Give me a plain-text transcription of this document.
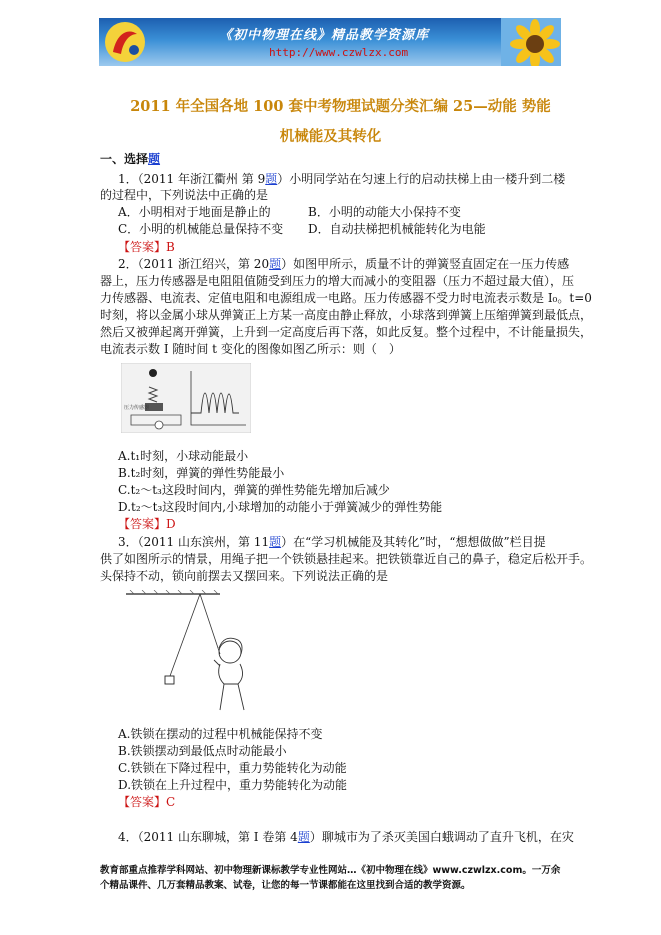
《初中物理在线》精品教学资源库
http://www.czwlzx.com
2011 年全国各地 100 套中考物理试题分类汇编 25—动能 势能
机械能及其转化
一、选择题
1．（2011 年浙江衢州 第 9题）小明同学站在匀速上行的启动扶梯上由一楼升到二楼
的过程中，下列说法中正确的是
A．小明相对于地面是静止的	B．小明的动能大小保持不变
C．小明的机械能总量保持不变 D．自动扶梯把机械能转化为电能
【答案】B
2．（2011 浙江绍兴，第 20题）如图甲所示，质量不计的弹簧竖直固定在一压力传感
器上，压力传感器是电阻阻值随受到压力的增大而减小的变阻器（压力不超过最大值），压
力传感器、电流表、定值电阻和电源组成一电路。压力传感器不受力时电流表示数是 I₀。t=0
时刻，将以金属小球从弹簧正上方某一高度由静止释放，小球落到弹簧上压缩弹簧到最低点，
然后又被弹起离开弹簧，上升到一定高度后再下落，如此反复。整个过程中，不计能量损失，
电流表示数 I 随时间 t 变化的图像如图乙所示：则（　）
压力传感器
A.t₁时刻，小球动能最小
B.t₂时刻，弹簧的弹性势能最小
C.t₂～t₃这段时间内，弹簧的弹性势能先增加后减少
D.t₂～t₃这段时间内,小球增加的动能小于弹簧减少的弹性势能
【答案】D
3．（2011 山东滨州，第 11题）在“学习机械能及其转化”时，“想想做做”栏目提
供了如图所示的情景，用绳子把一个铁锁悬挂起来。把铁锁靠近自己的鼻子，稳定后松开手。
头保持不动，锁向前摆去又摆回来。下列说法正确的是
A.铁锁在摆动的过程中机械能保持不变
B.铁锁摆动到最低点时动能最小
C.铁锁在下降过程中，重力势能转化为动能
D.铁锁在上升过程中，重力势能转化为动能
【答案】C
4．（2011 山东聊城，第 I 卷第 4题）聊城市为了杀灭美国白蛾调动了直升飞机，在灾
教育部重点推荐学科网站、初中物理新课标教学专业性网站…《初中物理在线》www.czwlzx.com。一万余
个精品课件、几万套精品教案、试卷，让您的每一节课都能在这里找到合适的教学资源。
